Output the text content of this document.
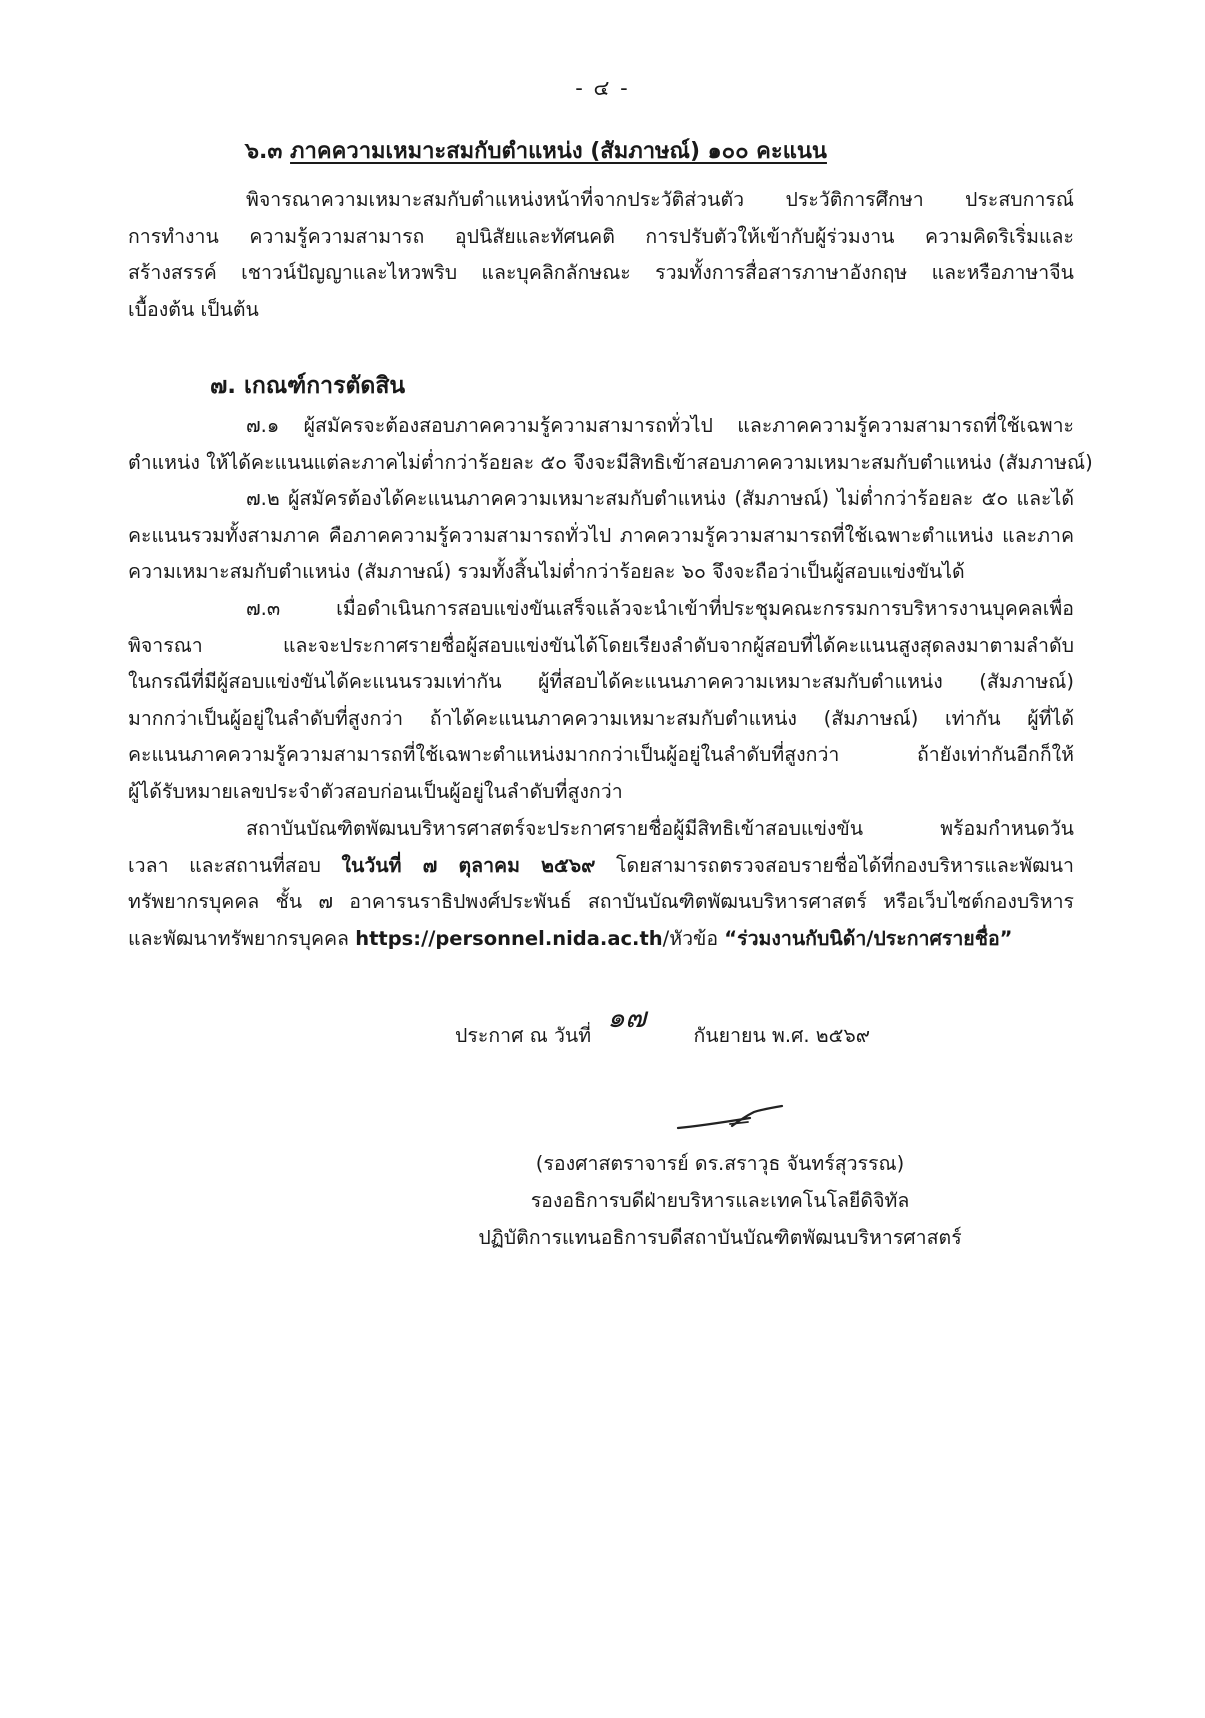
- ๔ -
๖.๓ ภาคความเหมาะสมกับตำแหน่ง (สัมภาษณ์) ๑๐๐ คะแนน
พิจารณาความเหมาะสมกับตำแหน่งหน้าที่จากประวัติส่วนตัว ประวัติการศึกษา ประสบการณ์
การทำงาน ความรู้ความสามารถ อุปนิสัยและทัศนคติ การปรับตัวให้เข้ากับผู้ร่วมงาน ความคิดริเริ่มและ
สร้างสรรค์ เชาวน์ปัญญาและไหวพริบ และบุคลิกลักษณะ รวมทั้งการสื่อสารภาษาอังกฤษ และหรือภาษาจีน
เบื้องต้น เป็นต้น
๗. เกณฑ์การตัดสิน
๗.๑ ผู้สมัครจะต้องสอบภาคความรู้ความสามารถทั่วไป และภาคความรู้ความสามารถที่ใช้เฉพาะ
ตำแหน่ง ให้ได้คะแนนแต่ละภาคไม่ต่ำกว่าร้อยละ ๕๐ จึงจะมีสิทธิเข้าสอบภาคความเหมาะสมกับตำแหน่ง (สัมภาษณ์)
๗.๒ ผู้สมัครต้องได้คะแนนภาคความเหมาะสมกับตำแหน่ง (สัมภาษณ์) ไม่ต่ำกว่าร้อยละ ๕๐ และได้
คะแนนรวมทั้งสามภาค คือภาคความรู้ความสามารถทั่วไป ภาคความรู้ความสามารถที่ใช้เฉพาะตำแหน่ง และภาค
ความเหมาะสมกับตำแหน่ง (สัมภาษณ์) รวมทั้งสิ้นไม่ต่ำกว่าร้อยละ ๖๐ จึงจะถือว่าเป็นผู้สอบแข่งขันได้
๗.๓ เมื่อดำเนินการสอบแข่งขันเสร็จแล้วจะนำเข้าที่ประชุมคณะกรรมการบริหารงานบุคคลเพื่อ
พิจารณา และจะประกาศรายชื่อผู้สอบแข่งขันได้โดยเรียงลำดับจากผู้สอบที่ได้คะแนนสูงสุดลงมาตามลำดับ
ในกรณีที่มีผู้สอบแข่งขันได้คะแนนรวมเท่ากัน ผู้ที่สอบได้คะแนนภาคความเหมาะสมกับตำแหน่ง (สัมภาษณ์)
มากกว่าเป็นผู้อยู่ในลำดับที่สูงกว่า ถ้าได้คะแนนภาคความเหมาะสมกับตำแหน่ง (สัมภาษณ์) เท่ากัน ผู้ที่ได้
คะแนนภาคความรู้ความสามารถที่ใช้เฉพาะตำแหน่งมากกว่าเป็นผู้อยู่ในลำดับที่สูงกว่า ถ้ายังเท่ากันอีกก็ให้
ผู้ได้รับหมายเลขประจำตัวสอบก่อนเป็นผู้อยู่ในลำดับที่สูงกว่า
สถาบันบัณฑิตพัฒนบริหารศาสตร์จะประกาศรายชื่อผู้มีสิทธิเข้าสอบแข่งขัน พร้อมกำหนดวัน
เวลา และสถานที่สอบ ในวันที่ ๗ ตุลาคม ๒๕๖๙ โดยสามารถตรวจสอบรายชื่อได้ที่กองบริหารและพัฒนา
ทรัพยากรบุคคล ชั้น ๗ อาคารนราธิปพงศ์ประพันธ์ สถาบันบัณฑิตพัฒนบริหารศาสตร์ หรือเว็บไซต์กองบริหาร
และพัฒนาทรัพยากรบุคคล https://personnel.nida.ac.th/หัวข้อ “ร่วมงานกับนิด้า/ประกาศรายชื่อ”
ประกาศ ณ วันที่
๑๗
กันยายน พ.ศ. ๒๕๖๙
(รองศาสตราจารย์ ดร.สราวุธ จันทร์สุวรรณ)
รองอธิการบดีฝ่ายบริหารและเทคโนโลยีดิจิทัล
ปฏิบัติการแทนอธิการบดีสถาบันบัณฑิตพัฒนบริหารศาสตร์
